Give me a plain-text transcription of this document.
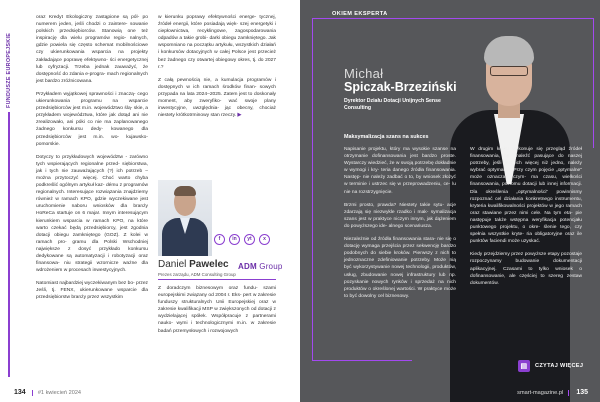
FUNDUSZE EUROPEJSKIE

oraz Kredyt Ekologiczny zastąpione są pól- po numerem jeden, jeśli chodzi o zaintere- sowanie polskich przedsiębiorców. Stanowią one też inspirację dla wielu programów regio- nalnych, gdzie powiela się często schemat mobilnościowe czy ukierunkowania wsparcia na projekty zakładające poprawę efektywno- ści energetycznej lub cyfryzacji. Trzeba jednak zauważyć, że dostępność do zdania e-progra- mach regionalnych jest bardzo zróżnicowana.

Przykładem wyjątkowej sprawności i znaczą- cego ukierunkowania programu na wsparcie przedsiębiorców jest m.in. województwo ślą- skie, a przykładem województwa, które jak dotąd ani nie zrealizowało, ani póki co nie ma zaplanowanego żadnego konkursu dedy- kowanego dla przedsiębiorców jest m.in. wo- kujawsko-pomorskie.

Dotyczy to przykładowych województw - zarówno tych wspierających regionalne przed- siębiorstwa, jak i tych nie zauważających (?) ich potrzeb – można przytoczyć więcej. Choć warto chyba podkreślić ogólnym artykuł kaz- dému z programów regionalnych. Interesujące rozwiązania znajdziemy również w ramach KPO, gdzie wyczekiwane jest uruchomienie naboru wniosków dla branży HoReCa startuje on 6 maja!. Innym interesującym kierunkiem wsparcia w ramach KPO, na które warto czekać będą przedsiębiorcy, jest zgodnia dotacji obiegu zamkniętego (GOZ). Z kolei w ramach pro- gramu dla Polski Wschodniej największe z dosyć przykłado konkursu dedykowane są automatyzacji i robotyzacji oraz finansowa- niu strategii wzornicze ważne dla wdrożeniem w procesach inwestycyjnych.

Natomiast najbardziej wyczekiwanym bez bo- przez Jeśli, tj. FENX, ukierunkowane wsparcie dla przedsiębiorstw branży przez wszystkim

w kierunku poprawy efektywności energe- tycznej, źródeł energii, które posiadają więk- szej energetyki i ciepłownictwa, recyklingowe, zagospodarowania odpadów a takie grobi- darki obiegu zamkniętego. Jak wspomniano na początku artykułu, wszystkich działań i konkursów dotacyjnych w całej Polsce jest przecież bez żadnego czy otwartej obiegowy okres, tj. do 2027 r.?

Z całą pewnością nie, a kumulacja programów i dostępnych w ich ramach środków finan- sowych przypada na lata 2024–2025. Zatem jest to doskonały moment, aby zweryfiko- wać swoje plany inwestycyjne, uwzględnia- jąc obecny, chociaż niestety krótkotrminowy stan rzeczy. ▶

f	in	yt	x
ADM Group
Daniel Pawelec
Prezes zarządu, ADM Consulting Group

Z doradczym biznesowym oraz fundu- szami europejskimi związany od 2004 r. Eks- pert w zakresie funduszy strukturalnych Unii Europejskiej oraz w zakresie kwalifikacji MSP w zwiększonych od dotacji z wydzielającej spółek. Współpracuje z partnerami nauko- wymi i technologicznymi m.in. w zakresie badań przemysłowych i rozwojowych

134 #1 kwiecień 2024
OKIEM EKSPERTA
Michał
Spiczak-Brzeziński
Dyrektor Działu Dotacji Unijnych Sense Consulting
Maksymalizacja szans na sukces

Napisanie projektu, który ma wysokie szanse na otrzymanie dofinansowania jest bardzo proste. Wystarczy wiedzieć, że w swoją potrzebę dokładnie w wymogi i kry- teria danego źródła finansowania. Następ- nie należy zadbać o to, by wniosek złożyć w terminie i ustrzec się w przeprowadzeniu, ce- lu nie na rozstrzygnięcie.

Brzmi prosto, prawda? Niestety takie sytu- acje zdarzają się niezwykle rzadko i mak- symalizacja szans jest w praktyce niczym innym, jak dążeniem do powyższego ide- alnego scenariusza.

Niezależnie od źródła finansowania stara- nie się o dotację wymaga przejścia przez sekwencję bardzo podobnych do siebie kroków. Pierwszy z nich to jednoznaczne zdefiniowanie potrzeby. Może nią być wykorzystywanie nowej technologii, produktów, usług, zbudowanie nowej infrastruktury lub np. pozyskanie nowych rynków i sprzedaż na nich produktów o określonej wartości. W praktyce może to być dowolny cel biznesowy.

W drugim kroku wykonuje się przegląd źródeł finansowania, by znaleźć pasujące do naszej potrzeby, jeśli jest ich więcej niż jedno, należy wybrać optymalne. Przy czym pojęcie „optymalne" może oznaczać czym- ma czasu, wielkości finansowania, poziomu dotacji lub innej informacji. Dla określenia „optymalności" powinnismy rozpoznać cel działania konkretnego instrumentu, kryteria kwalifikowalności projektów w jego ramach oraz stawiane przez nimi cele. Na tym eta- pie następuje także wstępna weryfikacja potencjału punktowego projektu, o okre- ślenie tego, czy spełnia wszystkie kryte- ria obligatoryjne oraz ile punktów faciendi może uzyskać.

Kiedy przejdziemy przez powyższe etapy pozostaje rozpoczynamy budowanie dokumentacji aplikacyjnej. Czasami to tylko wniosek o dofinansowanie, ale częściej to szereg zestaw dokumentów.

▤	CZYTAJ WIĘCEJ
smart-magazine.pl 135
